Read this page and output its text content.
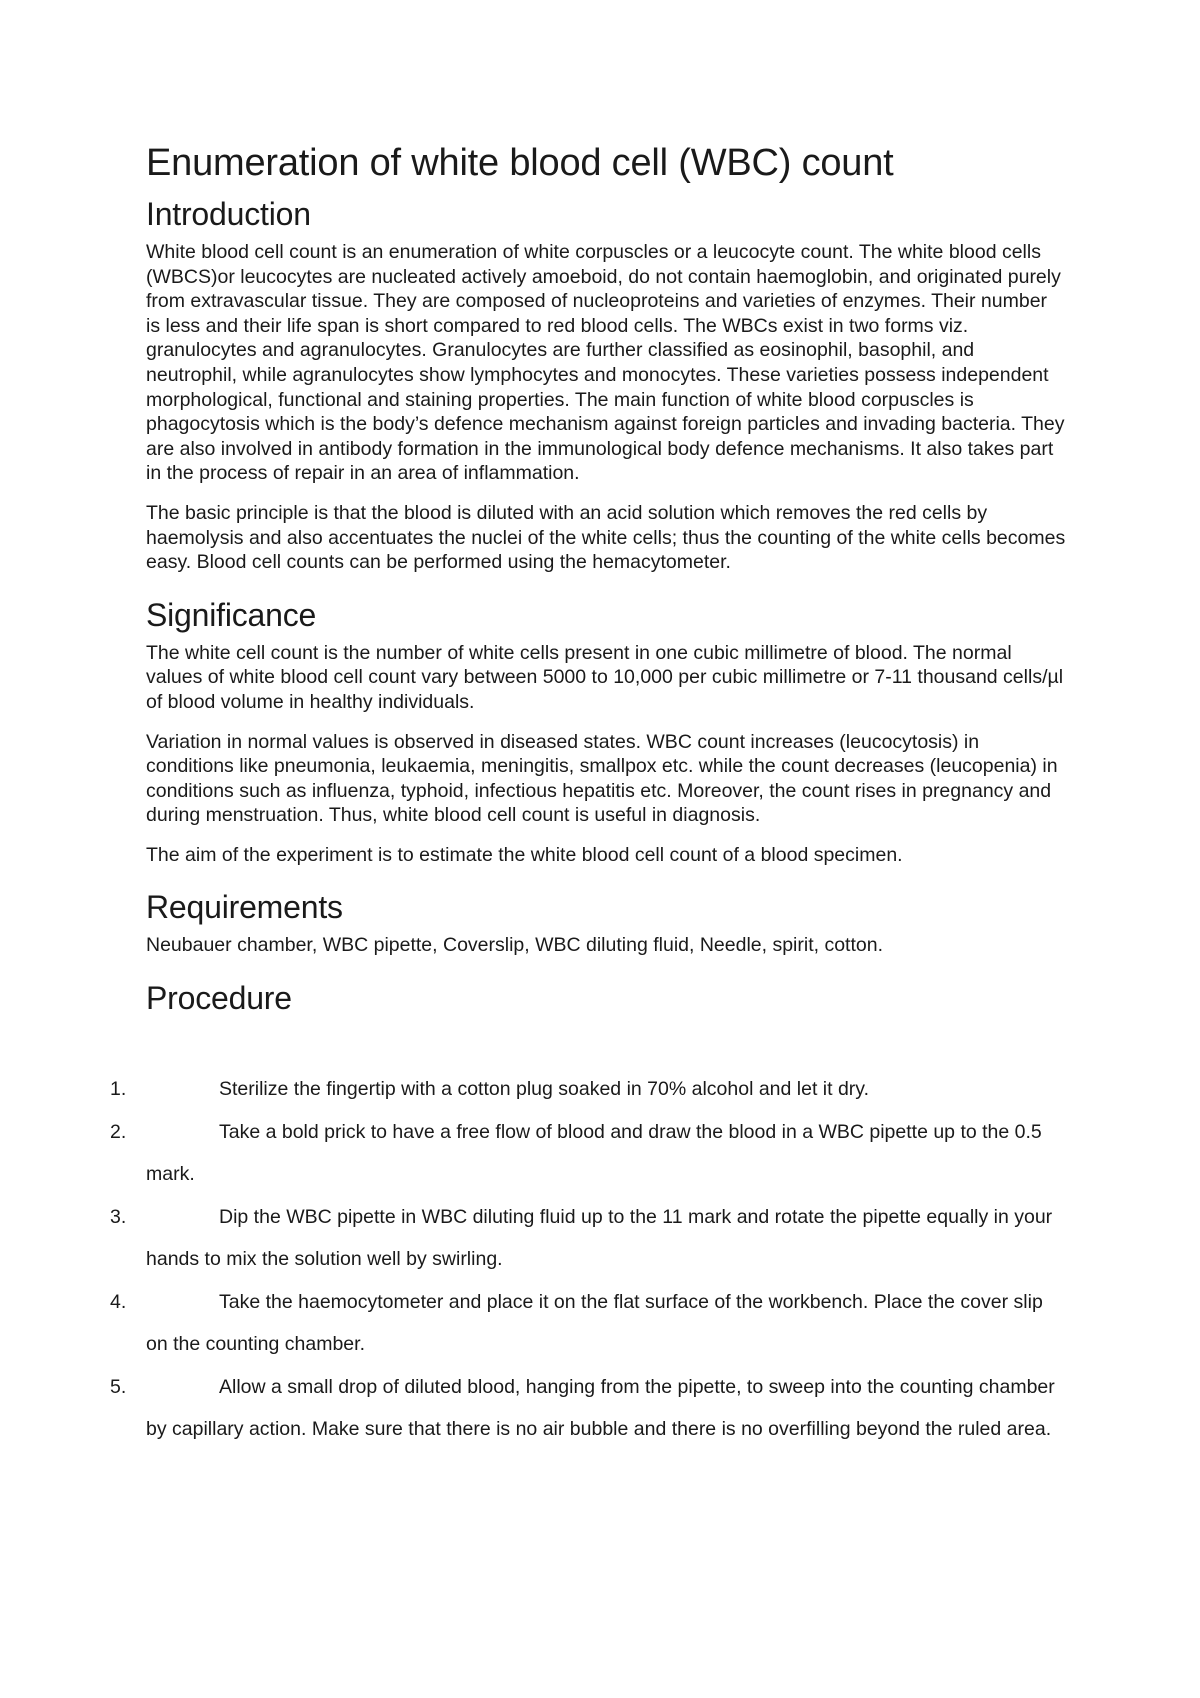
Enumeration of white blood cell (WBC) count
Introduction

White blood cell count is an enumeration of white corpuscles or a leucocyte count. The white blood cells (WBCS)or leucocytes are nucleated actively amoeboid, do not contain haemoglobin, and originated purely from extravascular tissue. They are composed of nucleoproteins and varieties of enzymes. Their number is less and their life span is short compared to red blood cells. The WBCs exist in two forms viz. granulocytes and agranulocytes. Granulocytes are further classified as eosinophil, basophil, and neutrophil, while agranulocytes show lymphocytes and monocytes. These varieties possess independent morphological, functional and staining properties. The main function of white blood corpuscles is phagocytosis which is the body’s defence mechanism against foreign particles and invading bacteria. They are also involved in antibody formation in the immunological body defence mechanisms. It also takes part in the process of repair in an area of inflammation.

The basic principle is that the blood is diluted with an acid solution which removes the red cells by haemolysis and also accentuates the nuclei of the white cells; thus the counting of the white cells becomes easy. Blood cell counts can be performed using the hemacytometer.

Significance

The white cell count is the number of white cells present in one cubic millimetre of blood. The normal values of white blood cell count vary between 5000 to 10,000 per cubic millimetre or 7-11 thousand cells/µl of blood volume in healthy individuals.

Variation in normal values is observed in diseased states. WBC count increases (leucocytosis) in conditions like pneumonia, leukaemia, meningitis, smallpox etc. while the count decreases (leucopenia) in conditions such as influenza, typhoid, infectious hepatitis etc. Moreover, the count rises in pregnancy and during menstruation. Thus, white blood cell count is useful in diagnosis.

The aim of the experiment is to estimate the white blood cell count of a blood specimen.

Requirements

Neubauer chamber, WBC pipette, Coverslip, WBC diluting fluid, Needle, spirit, cotton.

Procedure
1.	Sterilize the fingertip with a cotton plug soaked in 70% alcohol and let it dry.
2.	Take a bold prick to have a free flow of blood and draw the blood in a WBC pipette up to the 0.5 mark.
3.	Dip the WBC pipette in WBC diluting fluid up to the 11 mark and rotate the pipette equally in your hands to mix the solution well by swirling.
4.	Take the haemocytometer and place it on the flat surface of the workbench. Place the cover slip on the counting chamber.
5.	Allow a small drop of diluted blood, hanging from the pipette, to sweep into the counting chamber by capillary action. Make sure that there is no air bubble and there is no overfilling beyond the ruled area.
